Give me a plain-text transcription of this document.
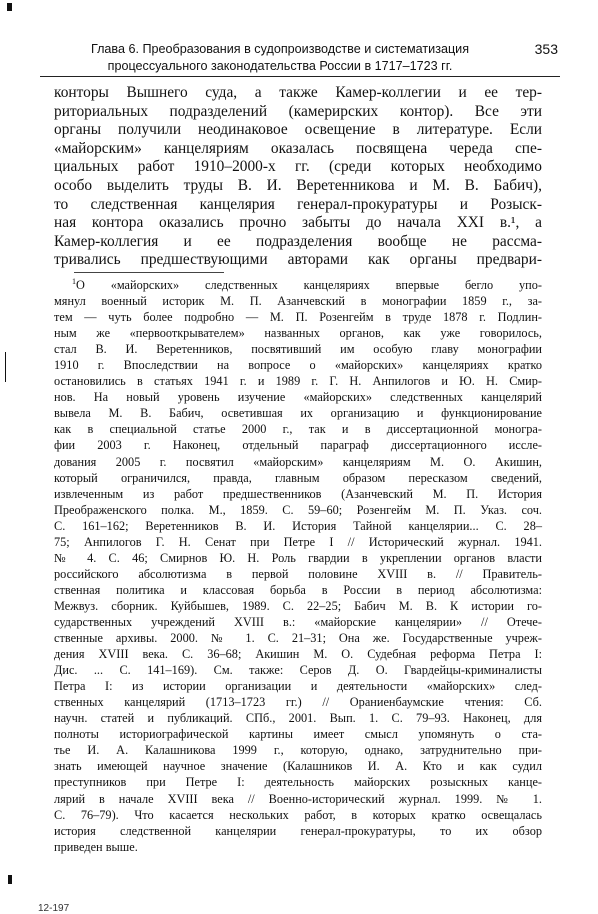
Глава 6. Преобразования в судопроизводстве и систематизация
процессуального законодательства России в 1717–1723 гг.
353
конторы Вышнего суда, а также Камер-коллегии и ее тер-
риториальных подразделений (камерирских контор). Все эти
органы получили неодинаковое освещение в литературе. Если
«майорским» канцеляриям оказалась посвящена череда спе-
циальных работ 1910–2000-х гг. (среди которых необходимо
особо выделить труды В. И. Веретенникова и М. В. Бабич),
то следственная канцелярия генерал-прокуратуры и Розыск-
ная контора оказались прочно забыты до начала XXI в.¹, а
Камер-коллегия и ее подразделения вообще не рассма-
тривались предшествующими авторами как органы предвари-
$^1$О «майорских» следственных канцеляриях впервые бегло упо-
мянул военный историк М. П. Азанчевский в монографии 1859 г., за-
тем — чуть более подробно — М. П. Розенгейм в труде 1878 г. Подлин-
ным же «первооткрывателем» названных органов, как уже говорилось,
стал В. И. Веретенников, посвятивший им особую главу монографии
1910 г. Впоследствии на вопросе о «майорских» канцеляриях кратко
остановились в статьях 1941 г. и 1989 г. Г. Н. Анпилогов и Ю. Н. Смир-
нов. На новый уровень изучение «майорских» следственных канцелярий
вывела М. В. Бабич, осветившая их организацию и функционирование
как в специальной статье 2000 г., так и в диссертационной моногра-
фии 2003 г. Наконец, отдельный параграф диссертационного иссле-
дования 2005 г. посвятил «майорским» канцеляриям М. О. Акишин,
который ограничился, правда, главным образом пересказом сведений,
извлеченным из работ предшественников (Азанчевский М. П. История
Преображенского полка. М., 1859. С. 59–60; Розенгейм М. П. Указ. соч.
С. 161–162; Веретенников В. И. История Тайной канцелярии... С. 28–
75; Анпилогов Г. Н. Сенат при Петре I // Исторический журнал. 1941.
№ 4. С. 46; Смирнов Ю. Н. Роль гвардии в укреплении органов власти
российского абсолютизма в первой половине XVIII в. // Правитель-
ственная политика и классовая борьба в России в период абсолютизма:
Межвуз. сборник. Куйбышев, 1989. С. 22–25; Бабич М. В. К истории го-
сударственных учреждений XVIII в.: «майорские канцелярии» // Отече-
ственные архивы. 2000. № 1. С. 21–31; Она же. Государственные учреж-
дения XVIII века. С. 36–68; Акишин М. О. Судебная реформа Петра I:
Дис. ... С. 141–169). См. также: Серов Д. О. Гвардейцы-криминалисты
Петра I: из истории организации и деятельности «майорских» след-
ственных канцелярий (1713–1723 гг.) // Ораниенбаумские чтения: Сб.
научн. статей и публикаций. СПб., 2001. Вып. 1. С. 79–93. Наконец, для
полноты историографической картины имеет смысл упомянуть о ста-
тье И. А. Калашникова 1999 г., которую, однако, затруднительно при-
знать имеющей научное значение (Калашников И. А. Кто и как судил
преступников при Петре I: деятельность майорских розыскных канце-
лярий в начале XVIII века // Военно-исторический журнал. 1999. № 1.
С. 76–79). Что касается нескольких работ, в которых кратко освещалась
история следственной канцелярии генерал-прокуратуры, то их обзор
приведен выше.
12-197
